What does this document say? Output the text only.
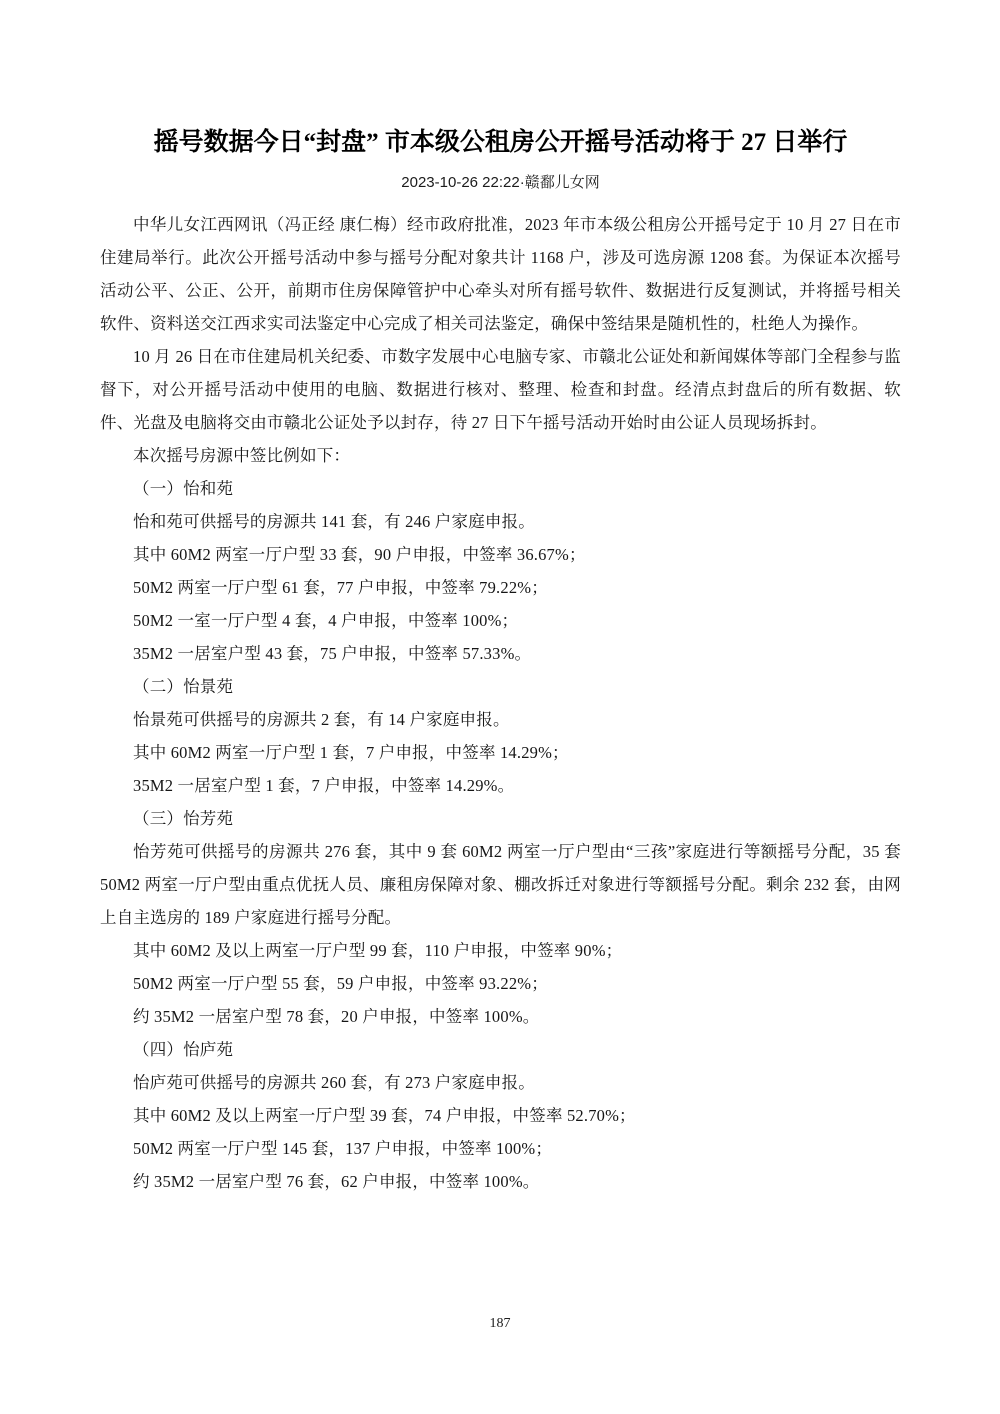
摇号数据今日“封盘” 市本级公租房公开摇号活动将于 27 日举行
2023-10-26 22:22·赣鄱儿女网

中华儿女江西网讯（冯正经 康仁梅）经市政府批准，2023 年市本级公租房公开摇号定于 10 月 27 日在市住建局举行。此次公开摇号活动中参与摇号分配对象共计 1168 户，涉及可选房源 1208 套。为保证本次摇号活动公平、公正、公开，前期市住房保障管护中心牵头对所有摇号软件、数据进行反复测试，并将摇号相关软件、资料送交江西求实司法鉴定中心完成了相关司法鉴定，确保中签结果是随机性的，杜绝人为操作。

10 月 26 日在市住建局机关纪委、市数字发展中心电脑专家、市赣北公证处和新闻媒体等部门全程参与监督下，对公开摇号活动中使用的电脑、数据进行核对、整理、检查和封盘。经清点封盘后的所有数据、软件、光盘及电脑将交由市赣北公证处予以封存，待 27 日下午摇号活动开始时由公证人员现场拆封。

本次摇号房源中签比例如下：

（一）怡和苑

怡和苑可供摇号的房源共 141 套，有 246 户家庭申报。

其中 60M2 两室一厅户型 33 套，90 户申报，中签率 36.67%；

50M2 两室一厅户型 61 套，77 户申报，中签率 79.22%；

50M2 一室一厅户型 4 套，4 户申报，中签率 100%；

35M2 一居室户型 43 套，75 户申报，中签率 57.33%。

（二）怡景苑

怡景苑可供摇号的房源共 2 套，有 14 户家庭申报。

其中 60M2 两室一厅户型 1 套，7 户申报，中签率 14.29%；

35M2 一居室户型 1 套，7 户申报，中签率 14.29%。

（三）怡芳苑

怡芳苑可供摇号的房源共 276 套，其中 9 套 60M2 两室一厅户型由“三孩”家庭进行等额摇号分配，35 套 50M2 两室一厅户型由重点优抚人员、廉租房保障对象、棚改拆迁对象进行等额摇号分配。剩余 232 套，由网上自主选房的 189 户家庭进行摇号分配。

其中 60M2 及以上两室一厅户型 99 套，110 户申报，中签率 90%；

50M2 两室一厅户型 55 套，59 户申报，中签率 93.22%；

约 35M2 一居室户型 78 套，20 户申报，中签率 100%。

（四）怡庐苑

怡庐苑可供摇号的房源共 260 套，有 273 户家庭申报。

其中 60M2 及以上两室一厅户型 39 套，74 户申报，中签率 52.70%；

50M2 两室一厅户型 145 套，137 户申报，中签率 100%；

约 35M2 一居室户型 76 套，62 户申报，中签率 100%。

187
